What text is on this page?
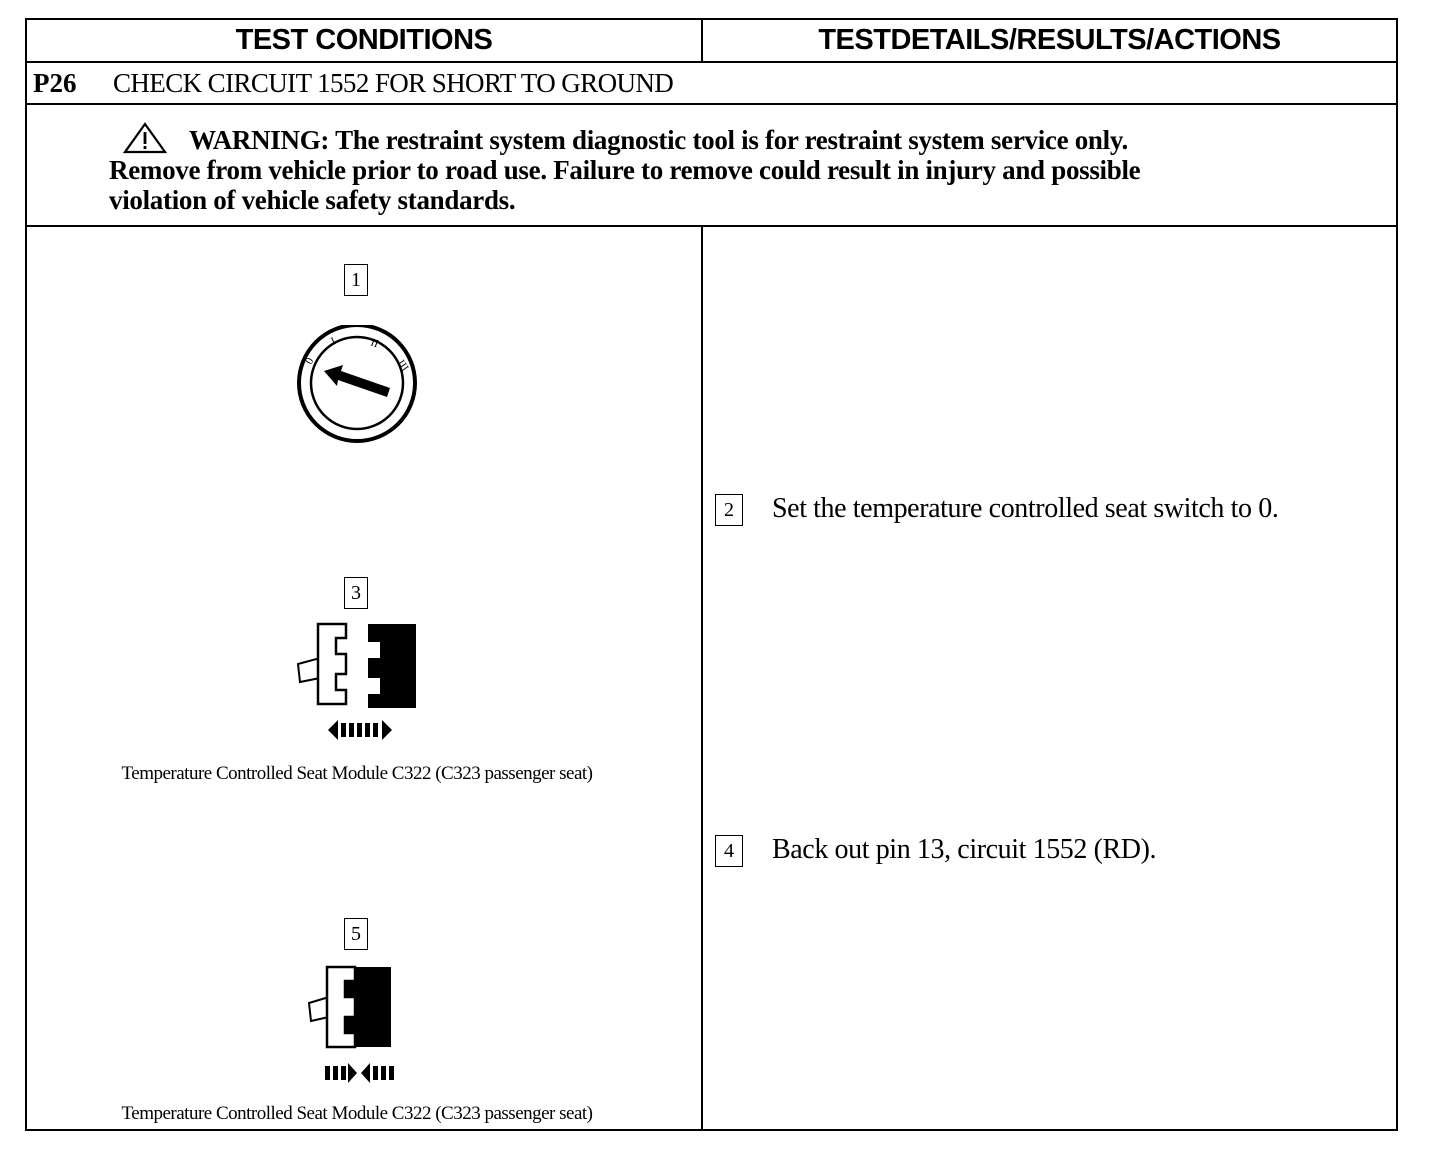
TEST CONDITIONS	TESTDETAILS/RESULTS/ACTIONS
P26	CHECK CIRCUIT 1552 FOR SHORT TO GROUND
WARNING: The restraint system diagnostic tool is for restraint system service only.
Remove from vehicle prior to road use. Failure to remove could result in injury and possible
violation of vehicle safety standards.
1
0
I	II
III
3
Temperature Controlled Seat Module C322 (C323 passenger seat)
5
Temperature Controlled Seat Module C322 (C323 passenger seat)
2	Set the temperature controlled seat switch to 0.
4	Back out pin 13, circuit 1552 (RD).
